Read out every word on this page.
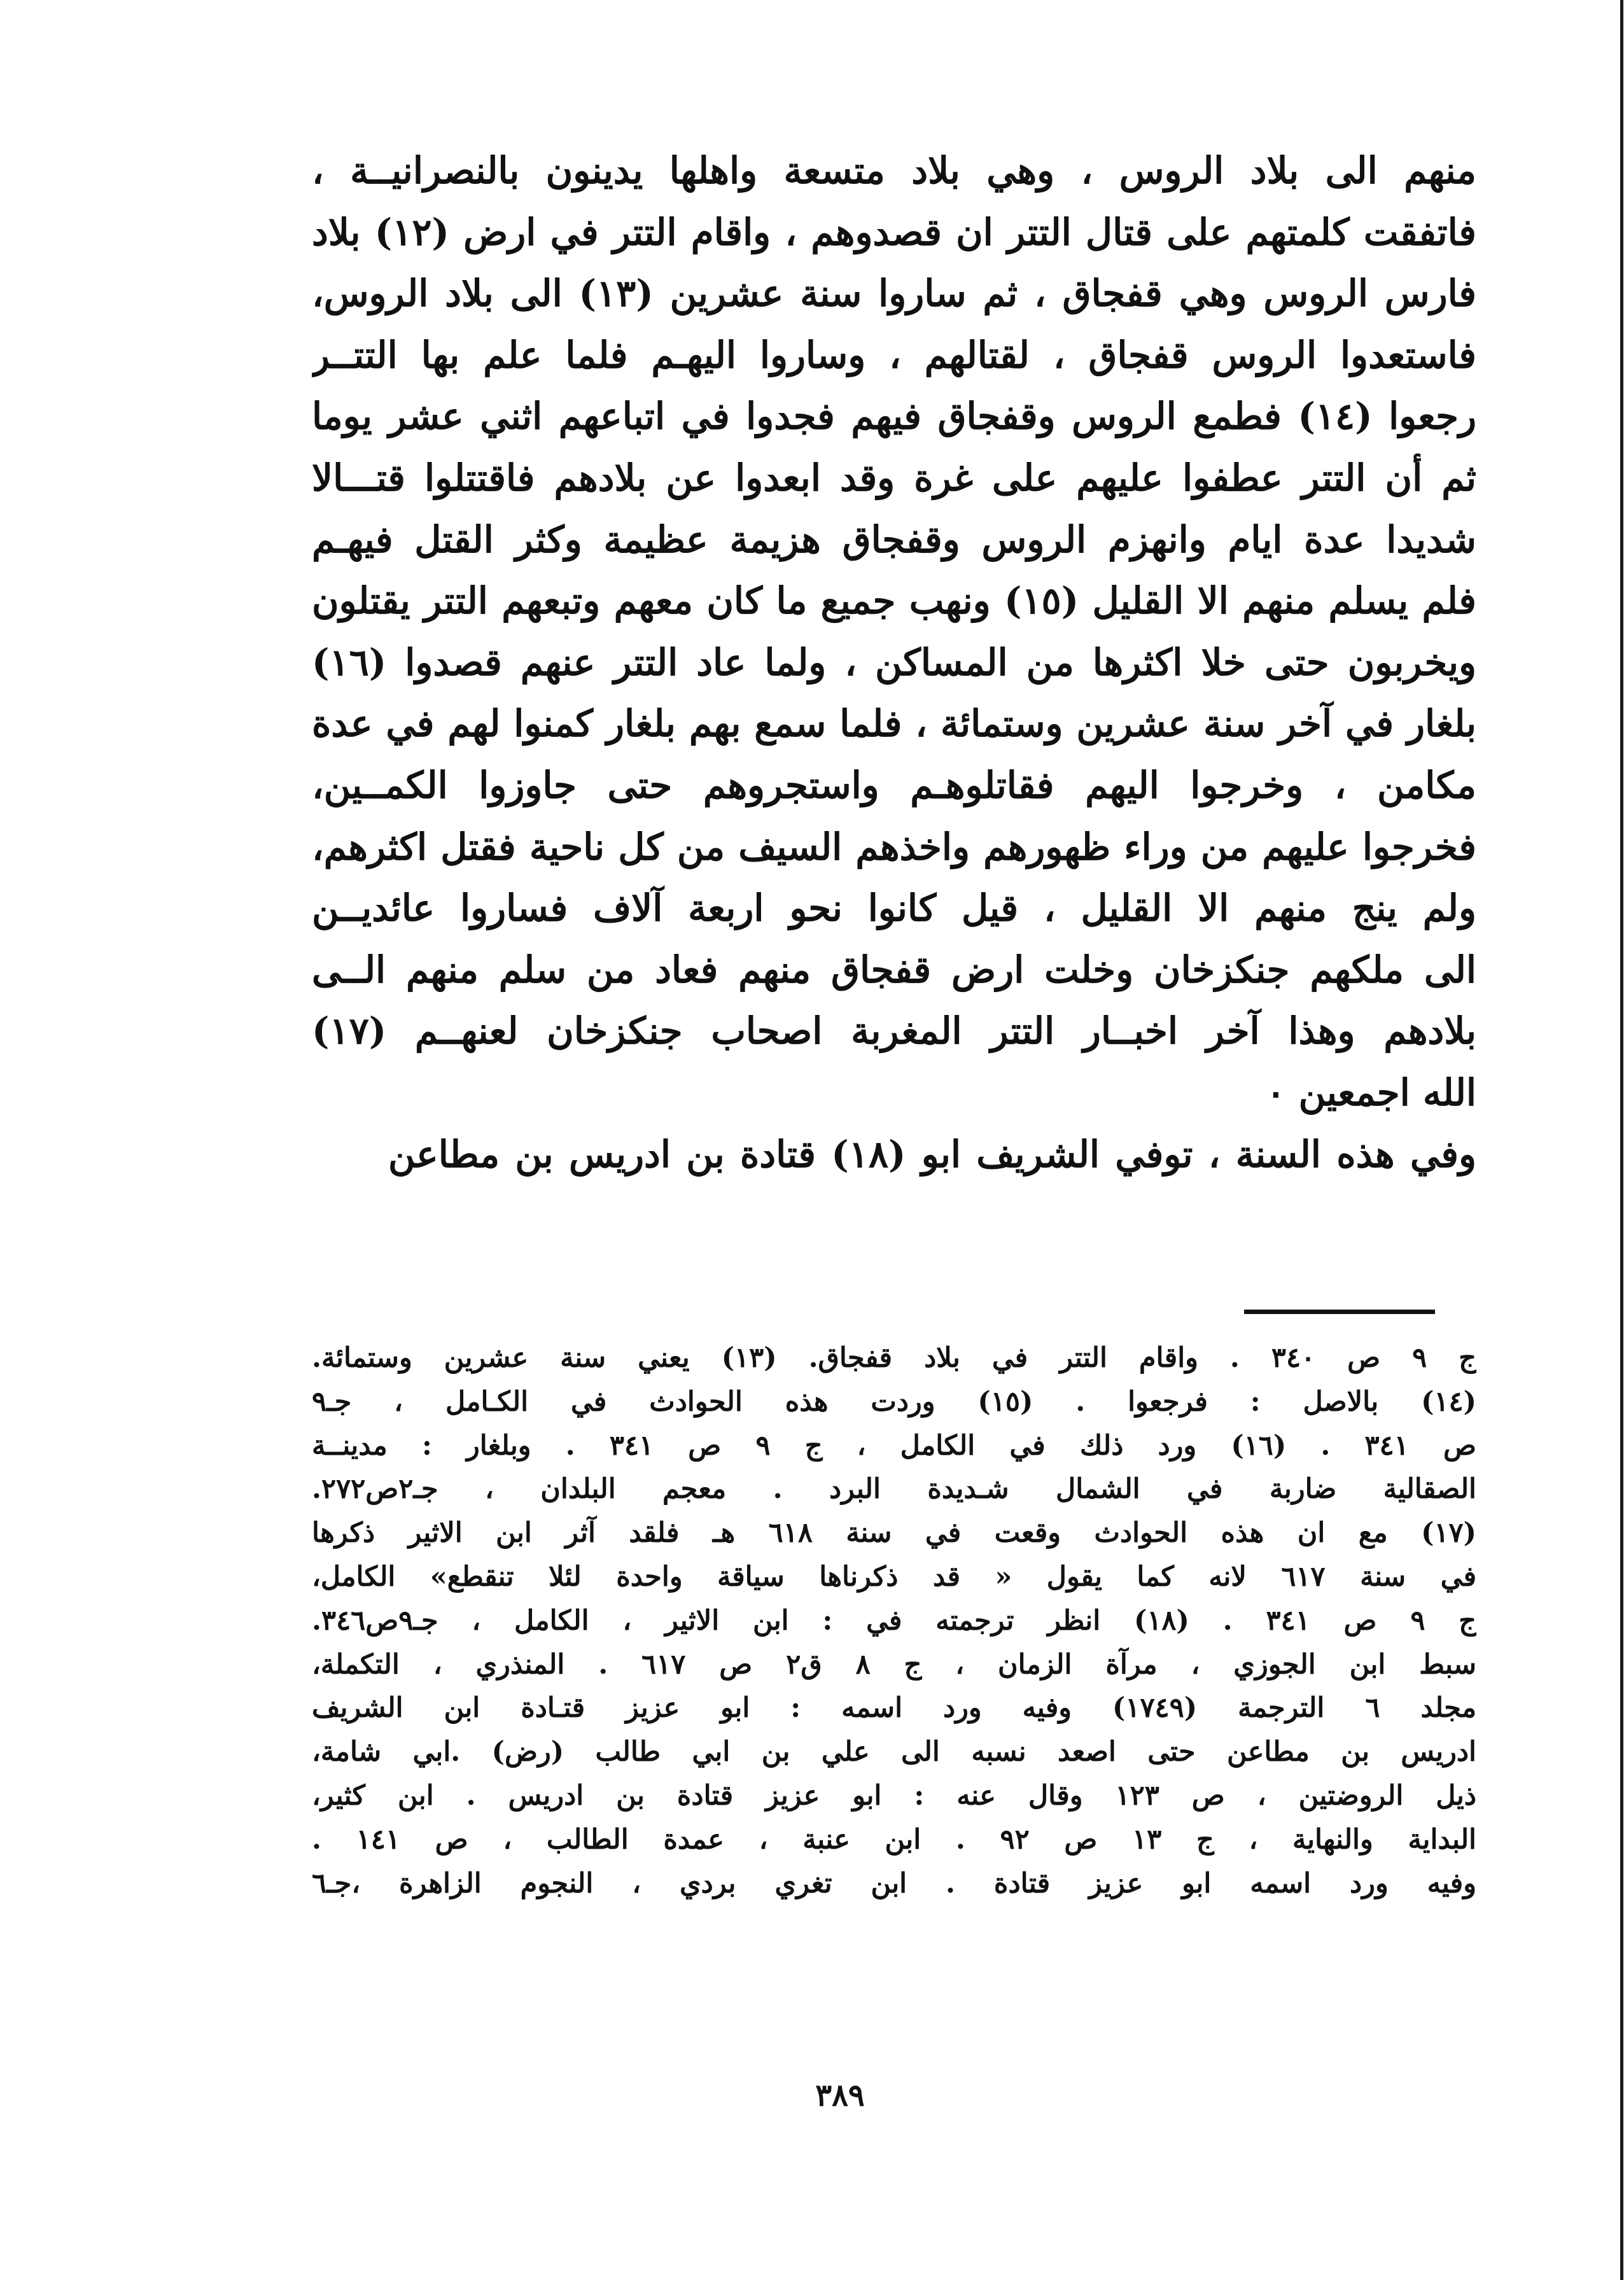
منهم الى بلاد الروس ، وهي بلاد متسعة واهلها يدينون بالنصرانيــة ،
فاتفقت كلمتهم على قتال التتر ان قصدوهم ، واقام التتر في ارض (١٢) بلاد
فارس الروس وهي قفجاق ، ثم ساروا سنة عشرين (١٣) الى بلاد الروس،
فاستعدوا الروس قفجاق ، لقتالهم ، وساروا اليهـم فلما علم بها التتــر
رجعوا (١٤) فطمع الروس وقفجاق فيهم فجدوا في اتباعهم اثني عشر يوما
ثم أن التتر عطفوا عليهم على غرة وقد ابعدوا عن بلادهم فاقتتلوا قتـــالا
شديدا عدة ايام وانهزم الروس وقفجاق هزيمة عظيمة وكثر القتل فيهـم
فلم يسلم منهم الا القليل (١٥) ونهب جميع ما كان معهم وتبعهم التتر يقتلون
ويخربون حتى خلا اكثرها من المساكن ، ولما عاد التتر عنهم قصدوا (١٦)
بلغار في آخر سنة عشرين وستمائة ، فلما سمع بهم بلغار كمنوا لهم في عدة
مكامن ، وخرجوا اليهم فقاتلوهـم واستجروهم حتى جاوزوا الكمــين،
فخرجوا عليهم من وراء ظهورهم واخذهم السيف من كل ناحية فقتل اكثرهم،
ولم ينج منهم الا القليل ، قيل كانوا نحو اربعة آلاف فساروا عائديــن
الى ملكهم جنكزخان وخلت ارض قفجاق منهم فعاد من سلم منهم الــى
بلادهم وهذا آخر اخبــار التتر المغربة اصحاب جنكزخان لعنهــم (١٧)
الله اجمعين ٠
وفي هذه السنة ، توفي الشريف ابو (١٨) قتادة بن ادريس بن مطاعن
ج ٩ ص ٣٤٠ . واقام التتر في بلاد قفجاق. (١٣) يعني سنة عشرين وستمائة.
(١٤) بالاصل : فرجعوا . (١٥) وردت هذه الحوادث في الكـامل ، جـ٩
ص ٣٤١ . (١٦) ورد ذلك في الكامل ، ج ٩ ص ٣٤١ . وبلغار : مدينــة
الصقالية ضاربة في الشمال شـديدة البرد . معجم البلدان ، جـ٢ص٢٧٢.
(١٧) مع ان هذه الحوادث وقعت في سنة ٦١٨ هـ فلقد آثر ابن الاثير ذكرها
في سنة ٦١٧ لانه كما يقول « قد ذكرناها سياقة واحدة لئلا تنقطع» الكامل،
ج ٩ ص ٣٤١ . (١٨) انظر ترجمته في : ابن الاثير ، الكامل ، جـ٩ص٣٤٦.
سبط ابن الجوزي ، مرآة الزمان ، ج ٨ ق٢ ص ٦١٧ . المنذري ، التكملة،
مجلد ٦ الترجمة (١٧٤٩) وفيه ورد اسمه : ابو عزيز قتـادة ابن الشريف
ادريس بن مطاعن حتى اصعد نسبه الى علي بن ابي طالب (رض) .ابي شامة،
ذيل الروضتين ، ص ١٢٣ وقال عنه : ابو عزيز قتادة بن ادريس . ابن كثير،
البداية والنهاية ، ج ١٣ ص ٩٢ . ابن عنبة ، عمدة الطالب ، ص ١٤١ .
وفيه ورد اسمه ابو عزيز قتادة . ابن تغري بردي ، النجوم الزاهرة ،جـ٦
٣٨٩
